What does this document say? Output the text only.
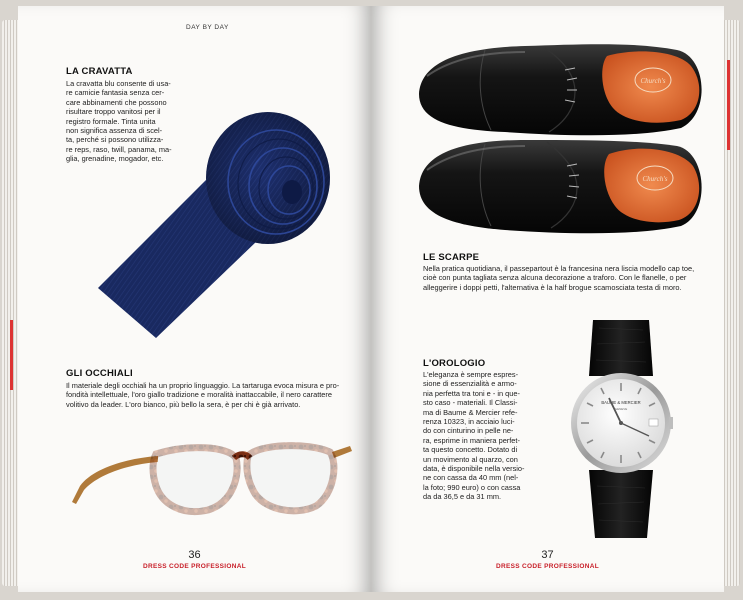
DAY BY DAY
LA CRAVATTA
La cravatta blu consente di usa-
re camicie fantasia senza cer-
care abbinamenti che possono
risultare troppo vanitosi per il
registro formale. Tinta unita
non significa assenza di scel-
ta, perché si possono utilizza-
re reps, raso, twill, panama, ma-
glia, grenadine, mogador, etc.
GLI OCCHIALI
Il materiale degli occhiali ha un proprio linguaggio. La tartaruga evoca misura e pro-
fondità intellettuale, l'oro giallo tradizione e moralità inattaccabile, il nero carattere
volitivo da leader. L'oro bianco, più bello la sera, è per chi è già arrivato.
36
DRESS CODE PROFESSIONAL
Church's
Church's
LE SCARPE
Nella pratica quotidiana, il passepartout è la francesina nera liscia modello cap toe,
cioè con punta tagliata senza alcuna decorazione a traforo. Con le flanelle, o per
alleggerire i doppi petti, l'alternativa è la half brogue scamosciata testa di moro.
L'OROLOGIO
L'eleganza è sempre espres-
sione di essenzialità e armo-
nia perfetta tra toni e - in que-
sto caso - materiali. Il Classi-
ma di Baume & Mercier refe-
renza 10323, in acciaio luci-
do con cinturino in pelle ne-
ra, esprime in maniera perfet-
ta questo concetto. Dotato di
un movimento al quarzo, con
data, è disponibile nella versio-
ne con cassa da 40 mm (nel-
la foto; 990 euro) o con cassa
da da 36,5 e da 31 mm.
BAUME & MERCIER
GENEVE
37
DRESS CODE PROFESSIONAL
